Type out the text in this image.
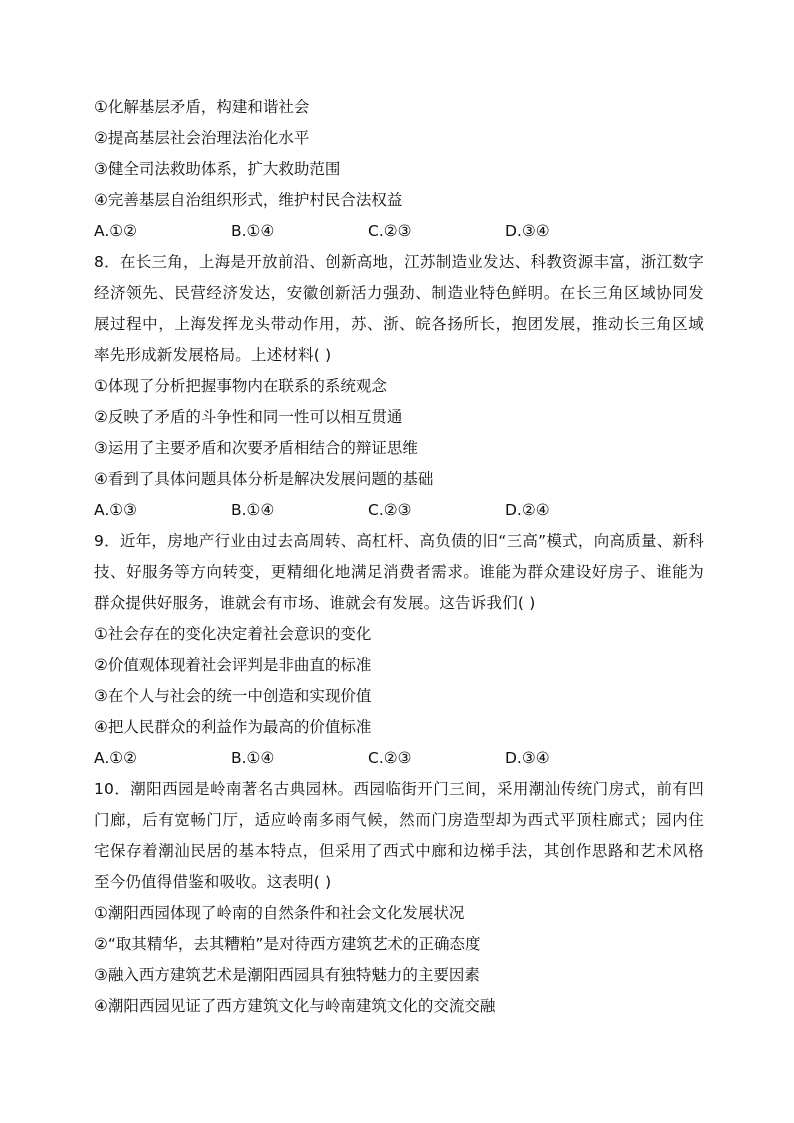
①化解基层矛盾，构建和谐社会
②提高基层社会治理法治化水平
③健全司法救助体系，扩大救助范围
④完善基层自治组织形式，维护村民合法权益
A.①②	B.①④	C.②③	D.③④
8．在长三角，上海是开放前沿、创新高地，江苏制造业发达、科教资源丰富，浙江数字经济领先、民营经济发达，安徽创新活力强劲、制造业特色鲜明。在长三角区域协同发展过程中，上海发挥龙头带动作用，苏、浙、皖各扬所长，抱团发展，推动长三角区域率先形成新发展格局。上述材料( )
①体现了分析把握事物内在联系的系统观念
②反映了矛盾的斗争性和同一性可以相互贯通
③运用了主要矛盾和次要矛盾相结合的辩证思维
④看到了具体问题具体分析是解决发展问题的基础
A.①③	B.①④	C.②③	D.②④
9．近年，房地产行业由过去高周转、高杠杆、高负债的旧“三高”模式，向高质量、新科技、好服务等方向转变，更精细化地满足消费者需求。谁能为群众建设好房子、谁能为群众提供好服务，谁就会有市场、谁就会有发展。这告诉我们( )
①社会存在的变化决定着社会意识的变化
②价值观体现着社会评判是非曲直的标准
③在个人与社会的统一中创造和实现价值
④把人民群众的利益作为最高的价值标准
A.①②	B.①④	C.②③	D.③④
10．潮阳西园是岭南著名古典园林。西园临街开门三间，采用潮汕传统门房式，前有凹门廊，后有宽畅门厅，适应岭南多雨气候，然而门房造型却为西式平顶柱廊式；园内住宅保存着潮汕民居的基本特点，但采用了西式中廊和边梯手法，其创作思路和艺术风格至今仍值得借鉴和吸收。这表明( )
①潮阳西园体现了岭南的自然条件和社会文化发展状况
②“取其精华，去其糟粕”是对待西方建筑艺术的正确态度
③融入西方建筑艺术是潮阳西园具有独特魅力的主要因素
④潮阳西园见证了西方建筑文化与岭南建筑文化的交流交融
